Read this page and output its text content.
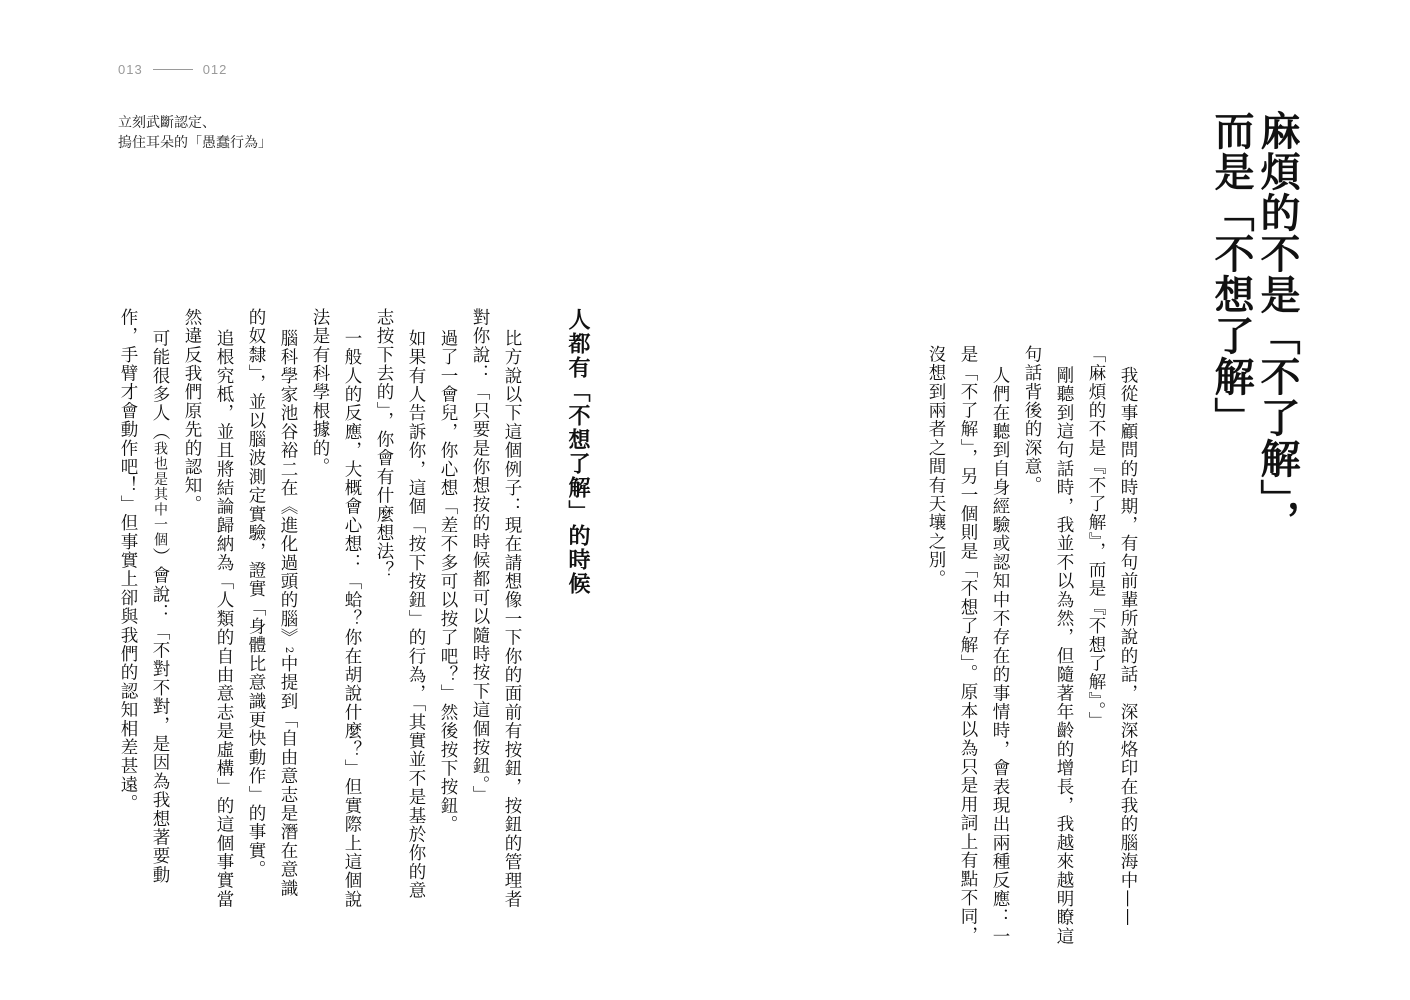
013	012
立刻武斷認定、
摀住耳朵的「愚蠢行為」	麻煩的不是「不了解」，
而是「不想了解」

我從事顧問的時期，有句前輩所說的話，深深烙印在我的腦海中——

「麻煩的不是『不了解』，而是『不想了解』。」

剛聽到這句話時，我並不以為然，但隨著年齡的增長，我越來越明瞭這

句話背後的深意。

人們在聽到自身經驗或認知中不存在的事情時，會表現出兩種反應：一

是「不了解」，另一個則是「不想了解」。原本以為只是用詞上有點不同，

沒想到兩者之間有天壤之別。

人都有「不想了解」的時候

比方說以下這個例子：現在請想像一下你的面前有按鈕，按鈕的管理者

對你說：「只要是你想按的時候都可以隨時按下這個按鈕。」

過了一會兒，你心想「差不多可以按了吧？」然後按下按鈕。

如果有人告訴你，這個「按下按鈕」的行為，「其實並不是基於你的意

志按下去的」，你會有什麼想法？

一般人的反應，大概會心想：「蛤？你在胡說什麼？」但實際上這個說

法是有科學根據的。

腦科學家池谷裕二在《進化過頭的腦》2中提到「自由意志是潛在意識

的奴隸」，並以腦波測定實驗，證實「身體比意識更快動作」的事實。

追根究柢，並且將結論歸納為「人類的自由意志是虛構」的這個事實當

然違反我們原先的認知。

可能很多人（我也是其中一個）會說：「不對不對，是因為我想著要動

作，手臂才會動作吧！」但事實上卻與我們的認知相差甚遠。
